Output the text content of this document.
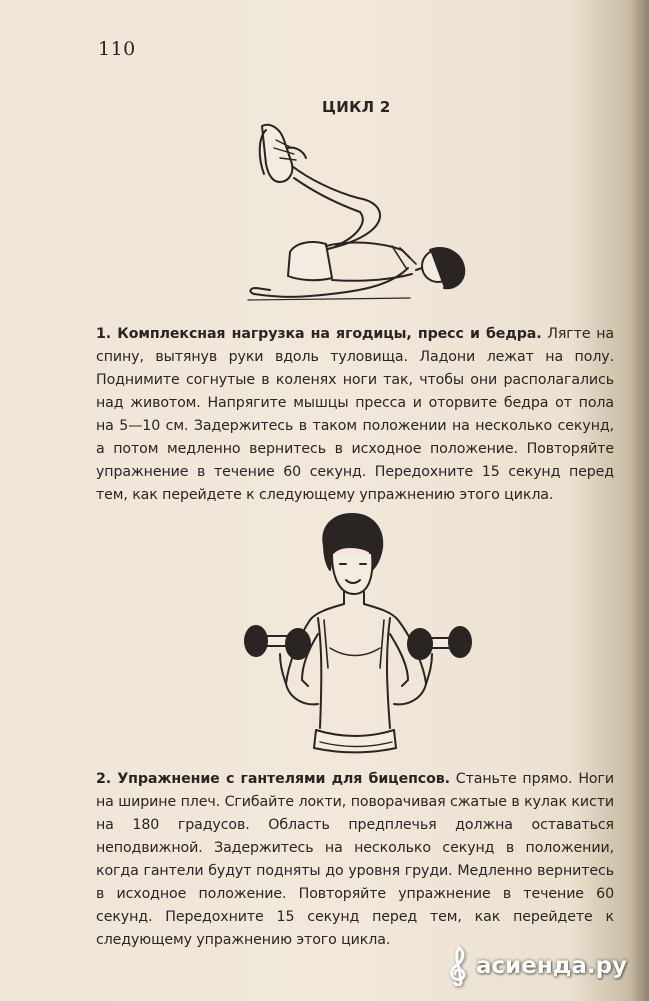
110
ЦИКЛ 2
1. Комплексная нагрузка на ягодицы, пресс и бедра. Лягте на спину, вытянув руки вдоль туловища. Ладони лежат на полу. Поднимите согнутые в коленях ноги так, чтобы они располагались над животом. Напрягите мышцы пресса и оторвите бедра от пола на 5—10 см. Задержитесь в таком положении на несколько секунд, а потом медленно вернитесь в исходное положение. Повторяйте упражнение в течение 60 секунд. Передохните 15 секунд перед тем, как перейдете к следующему упражнению этого цикла.
2. Упражнение с гантелями для бицепсов. Станьте прямо. Ноги на ширине плеч. Сгибайте локти, поворачивая сжатые в кулак кисти на 180 градусов. Область предплечья должна оставаться неподвижной. Задержитесь на несколько секунд в положении, когда гантели будут подняты до уровня груди. Медленно вернитесь в исходное положение. Повторяйте упражнение в течение 60 секунд. Передохните 15 секунд перед тем, как перейдете к следующему упражнению этого цикла.
асиенда.ру
